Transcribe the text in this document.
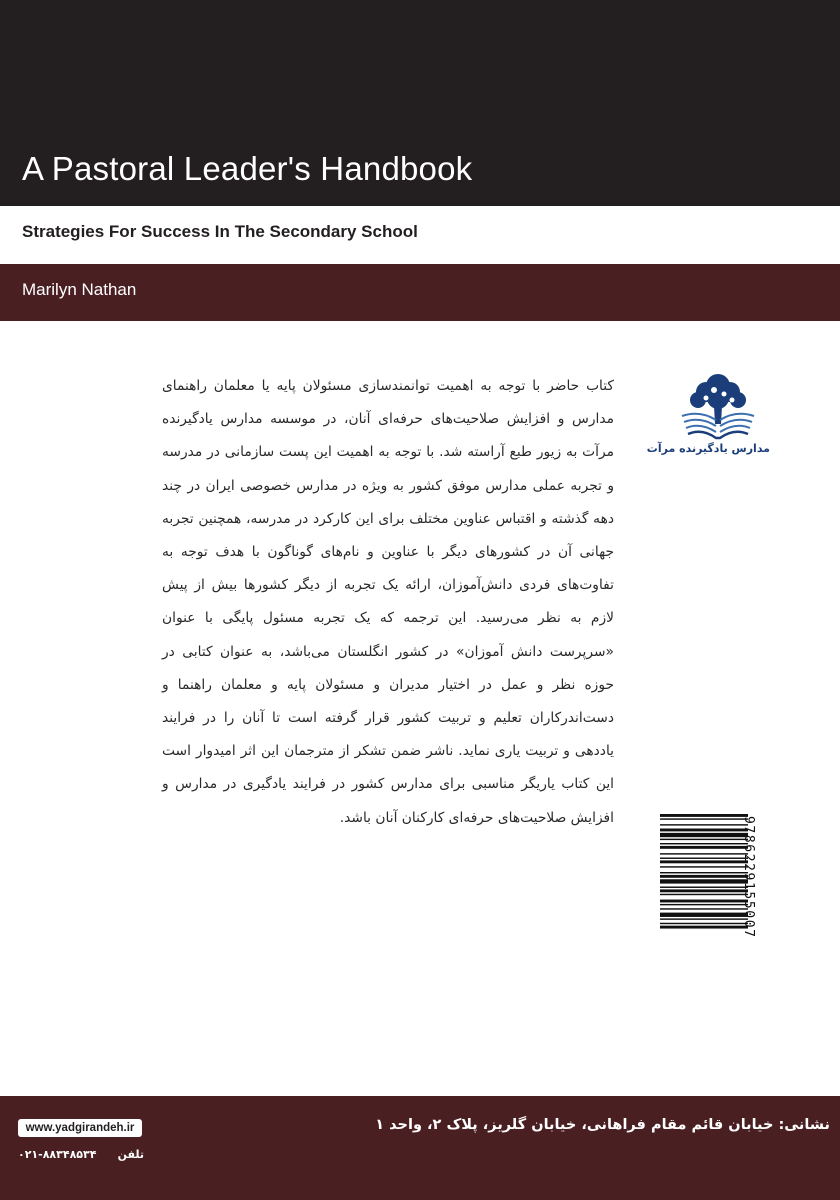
A Pastoral Leader's Handbook
Strategies For Success In The Secondary School

Marilyn Nathan

مدارس یادگیرنده مرآت

کتاب حاضر با توجه به اهمیت توانمندسازی مسئولان پایه یا معلمان راهنمای مدارس و افزایش صلاحیت‌های حرفه‌ای آنان، در موسسه مدارس یادگیرنده مرآت به زیور طبع آراسته شد. با توجه به اهمیت این پست سازمانی در مدرسه و تجربه عملی مدارس موفق کشور به ویژه در مدارس خصوصی ایران در چند دهه گذشته و اقتباس عناوین مختلف برای این کارکرد در مدرسه، همچنین تجربه جهانی آن در کشورهای دیگر با عناوین و نام‌های گوناگون با هدف توجه به تفاوت‌های فردی دانش‌آموزان، ارائه یک تجربه از دیگر کشورها بیش از پیش لازم به نظر می‌رسید. این ترجمه که یک تجربه مسئول پایگی با عنوان «سرپرست دانش آموزان» در کشور انگلستان می‌باشد، به عنوان کتابی در حوزه نظر و عمل در اختیار مدیران و مسئولان پایه و معلمان راهنما و دست‌اندرکاران تعلیم و تربیت کشور قرار گرفته است تا آنان را در فرایند یاددهی و تربیت یاری نماید. ناشر ضمن تشکر از مترجمان این اثر امیدوار است این کتاب یاریگر مناسبی برای مدارس کشور در فرایند یادگیری در مدارس و افزایش صلاحیت‌های حرفه‌ای کارکنان آنان باشد.	9786229155007

نشانی: خیابان قائم مقام فراهانی، خیابان گلریز، پلاک ۲، واحد ۱

www.yadgirandeh.ir
تلفن
۰۲۱-۸۸۳۴۸۵۳۴
